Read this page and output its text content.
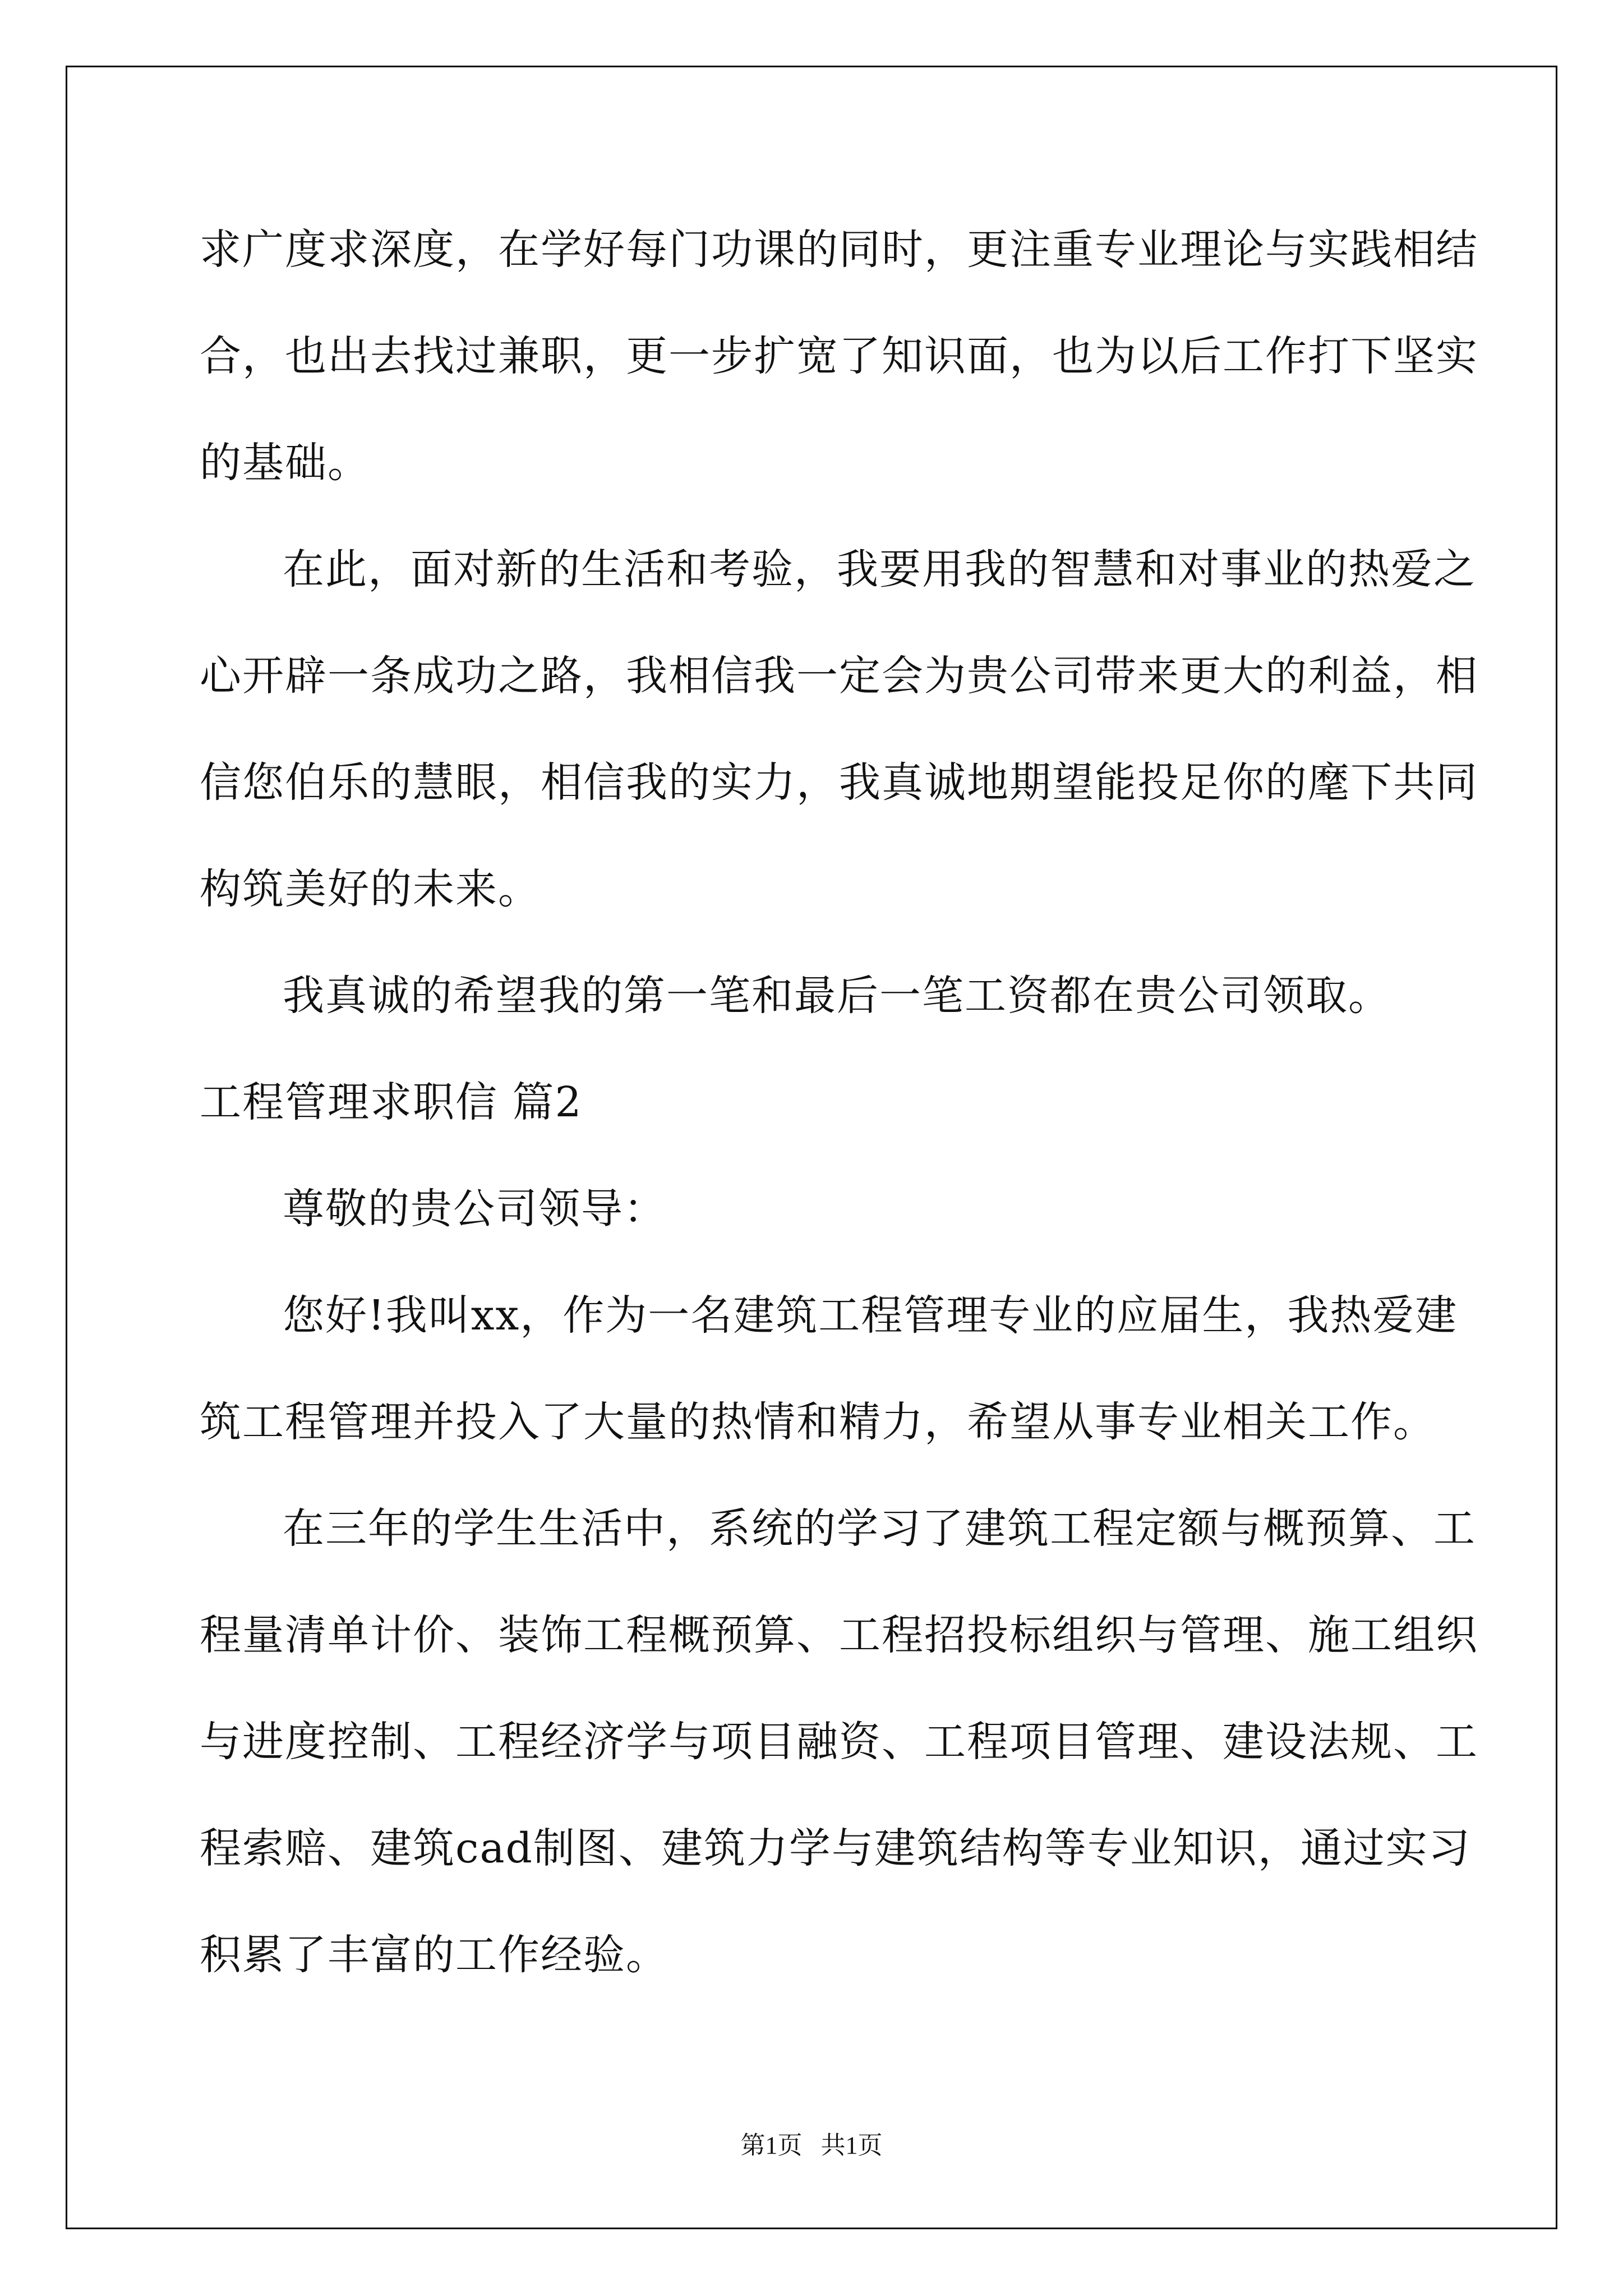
求广度求深度，在学好每门功课的同时，更注重专业理论与实践相结
合，也出去找过兼职，更一步扩宽了知识面，也为以后工作打下坚实
的基础。
在此，面对新的生活和考验，我要用我的智慧和对事业的热爱之
心开辟一条成功之路，我相信我一定会为贵公司带来更大的利益，相
信您伯乐的慧眼，相信我的实力，我真诚地期望能投足你的麾下共同
构筑美好的未来。
我真诚的希望我的第一笔和最后一笔工资都在贵公司领取。
工程管理求职信 篇2
尊敬的贵公司领导：
您好!我叫xx，作为一名建筑工程管理专业的应届生，我热爱建
筑工程管理并投入了大量的热情和精力，希望从事专业相关工作。
在三年的学生生活中，系统的学习了建筑工程定额与概预算、工
程量清单计价、装饰工程概预算、工程招投标组织与管理、施工组织
与进度控制、工程经济学与项目融资、工程项目管理、建设法规、工
程索赔、建筑cad制图、建筑力学与建筑结构等专业知识，通过实习
积累了丰富的工作经验。
第1页   共1页
